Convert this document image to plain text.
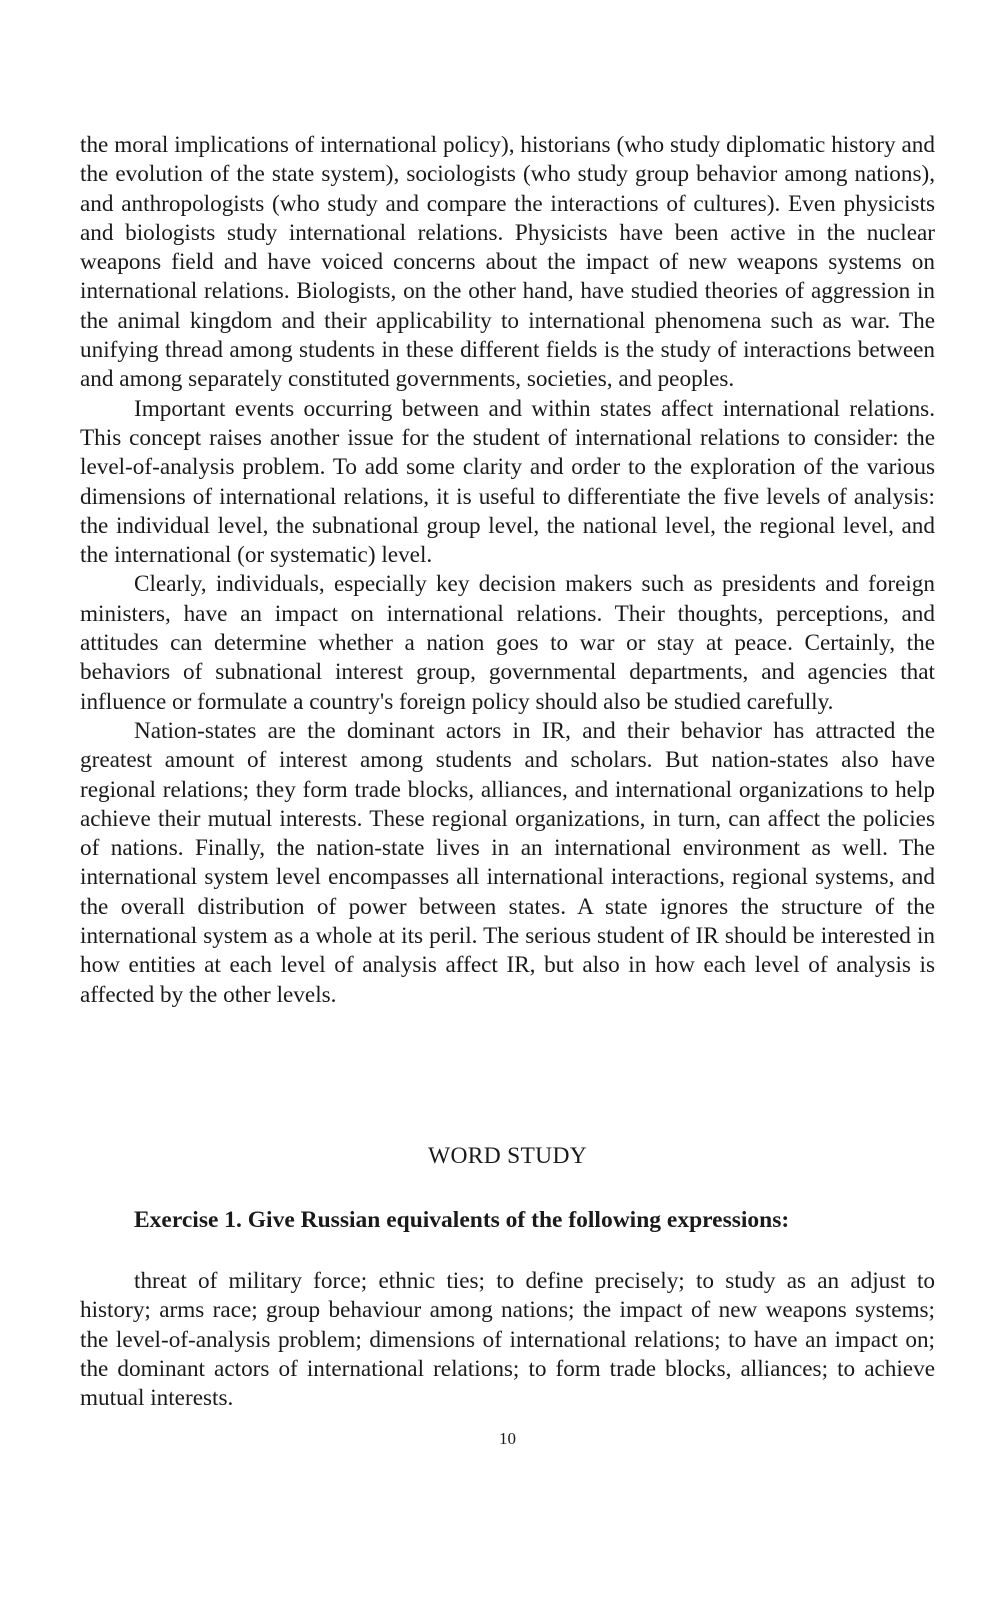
the moral implications of international policy), historians (who study diplomatic history and the evolution of the state system), sociologists (who study group behavior among nations), and anthropologists (who study and compare the interactions of cultures). Even physicists and biologists study international relations. Physicists have been active in the nuclear weapons field and have voiced concerns about the impact of new weapons systems on international relations. Biologists, on the other hand, have studied theories of aggression in the animal kingdom and their applicability to international phenomena such as war. The unifying thread among students in these different fields is the study of interactions between and among separately constituted governments, societies, and peoples.

Important events occurring between and within states affect international relations. This concept raises another issue for the student of international relations to consider: the level-of-analysis problem. To add some clarity and order to the exploration of the various dimensions of international relations, it is useful to differentiate the five levels of analysis: the individual level, the subnational group level, the national level, the regional level, and the international (or systematic) level.

Clearly, individuals, especially key decision makers such as presidents and foreign ministers, have an impact on international relations. Their thoughts, perceptions, and attitudes can determine whether a nation goes to war or stay at peace. Certainly, the behaviors of subnational interest group, governmental departments, and agencies that influence or formulate a country's foreign policy should also be studied carefully.

Nation-states are the dominant actors in IR, and their behavior has attracted the greatest amount of interest among students and scholars. But nation-states also have regional relations; they form trade blocks, alliances, and international organizations to help achieve their mutual interests. These regional organizations, in turn, can affect the policies of nations. Finally, the nation-state lives in an international environment as well. The international system level encompasses all international interactions, regional systems, and the overall distribution of power between states. A state ignores the structure of the international system as a whole at its peril. The serious student of IR should be interested in how entities at each level of analysis affect IR, but also in how each level of analysis is affected by the other levels.

WORD STUDY

Exercise 1. Give Russian equivalents of the following expressions:

threat of military force; ethnic ties; to define precisely; to study as an adjust to history; arms race; group behaviour among nations; the impact of new weapons systems; the level-of-analysis problem; dimensions of international relations; to have an impact on; the dominant actors of international relations; to form trade blocks, alliances; to achieve mutual interests.

10
